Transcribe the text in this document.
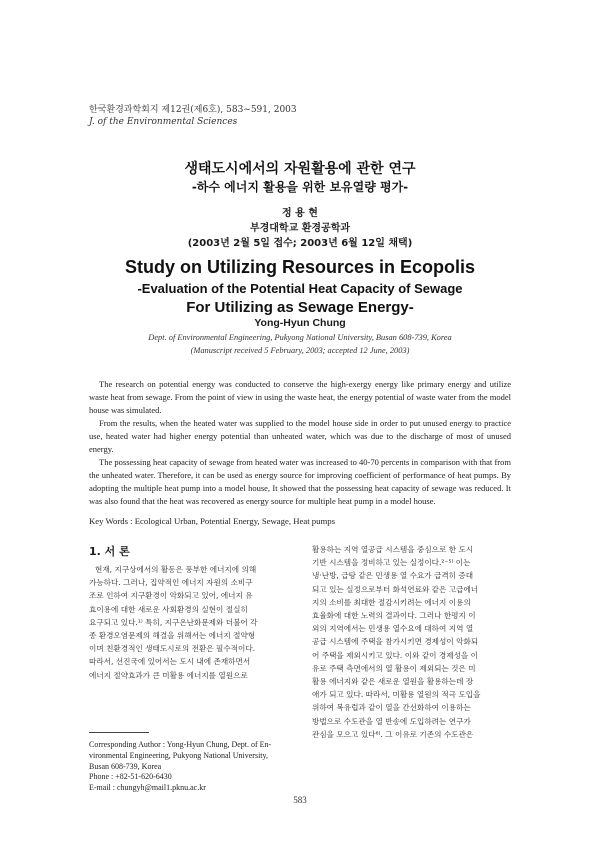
한국환경과학회지 제12권(제6호), 583~591, 2003
J. of the Environmental Sciences
생태도시에서의 자원활용에 관한 연구
-하수 에너지 활용을 위한 보유열량 평가-
정 용 현
부경대학교 환경공학과
(2003년 2월 5일 접수; 2003년 6월 12일 채택)
Study on Utilizing Resources in Ecopolis
-Evaluation of the Potential Heat Capacity of Sewage
For Utilizing as Sewage Energy-
Yong-Hyun Chung
Dept. of Environmental Engineering, Pukyong National University, Busan 608-739, Korea
(Manuscript received 5 February, 2003; accepted 12 June, 2003)

The research on potential energy was conducted to conserve the high-exergy energy like primary energy and utilize waste heat from sewage. From the point of view in using the waste heat, the energy potential of waste water from the model house was simulated.

From the results, when the heated water was supplied to the model house side in order to put unused energy to practice use, heated water had higher energy potential than unheated water, which was due to the discharge of most of unused energy.

The possessing heat capacity of sewage from heated water was increased to 40-70 percents in comparison with that from the unheated water. Therefore, it can be used as energy source for improving coefficient of performance of heat pumps. By adopting the multiple heat pump into a model house, It showed that the possessing heat capacity of sewage was reduced. It was also found that the heat was recovered as energy source for multiple heat pump in a model house.

Key Words : Ecological Urban, Potential Energy, Sewage, Heat pumps
1. 서 론
현재, 지구상에서의 활동은 풍부한 에너지에 의해
가능하다. 그러나, 집약적인 에너지 자원의 소비구
조로 인하여 지구환경이 악화되고 있어, 에너지 유
효이용에 대한 새로운 사회환경의 실현이 절실히
요구되고 있다.¹⁾ 특히, 지구온난화문제와 더불어 각
종 환경오염문제의 해결을 위해서는 에너지 절약형
이며 친환경적인 생태도시로의 전환은 필수적이다.
따라서, 선진국에 있어서는 도시 내에 존재하면서
에너지 절약효과가 큰 미활용 에너지를 열원으로
활용하는 지역 열공급 시스템을 중심으로 한 도시
기반 시스템을 정비하고 있는 실정이다.²⁻⁵⁾ 이는
냉·난방, 급탕 같은 민생용 열 수요가 급격히 증대
되고 있는 실정으로부터 화석연료와 같은 고급에너
지의 소비를 최대한 절감시키려는 에너지 이용의
효율화에 대한 노력의 결과이다. 그러나 한평지 이
외의 지역에서는 민생용 열수요에 대하여 지역 열
공급 시스템에 주택을 참가시키면 경제성이 악화되
어 주택을 제외시키고 있다. 이와 같이 경제성을 이
유로 주택 측면에서의 열 활용이 제외되는 것은 미
활용 에너지와 같은 새로운 열원을 활용하는데 장
애가 되고 있다. 따라서, 미활용 열원의 적극 도입을
위하여 복유럽과 같이 열을 간선화하여 이용하는
방법으로 수도관을 열 반송에 도입하려는 연구가
관심을 모으고 있다⁶⁾. 그 이유로 기존의 수도관은
Corresponding Author : Yong-Hyun Chung, Dept. of En-
vironmental Engineering, Pukyong National University,
Busan 608-739, Korea
Phone : +82-51-620-6430
E-mail : chungyh@mail1.pknu.ac.kr
583
